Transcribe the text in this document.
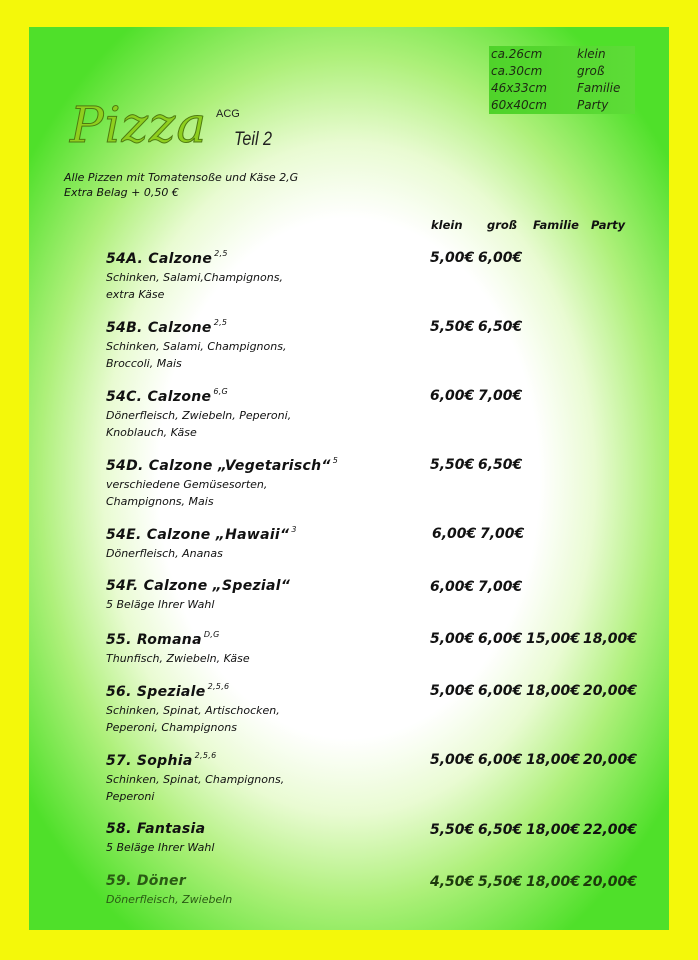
ca.26cm	klein
ca.30cm	groß
46x33cm	Familie
60x40cm	Party
Pizza ACG
Teil 2
Alle Pizzen mit Tomatensoße und Käse 2,G
Extra Belag + 0,50 €
klein groß Familie Party
54A. Calzone $^{2,5}$
Schinken, Salami,Champignons,
extra Käse
5,00€ 6,00€
54B. Calzone $^{2,5}$
Schinken, Salami, Champignons,
Broccoli, Mais
5,50€ 6,50€
54C. Calzone $^{6,G}$
Dönerfleisch, Zwiebeln, Peperoni,
Knoblauch, Käse
6,00€ 7,00€
54D. Calzone „Vegetarisch“ $^5$
verschiedene Gemüsesorten,
Champignons, Mais
5,50€ 6,50€
54E. Calzone „Hawaii“ $^3$
Dönerfleisch, Ananas
6,00€ 7,00€
54F. Calzone „Spezial“
5 Beläge Ihrer Wahl
6,00€ 7,00€
55. Romana $^{D,G}$
Thunfisch, Zwiebeln, Käse
5,00€ 6,00€ 15,00€ 18,00€
56. Speziale $^{2,5,6}$
Schinken, Spinat, Artischocken,
Peperoni, Champignons
5,00€ 6,00€ 18,00€ 20,00€
57. Sophia $^{2,5,6}$
Schinken, Spinat, Champignons,
Peperoni
5,00€ 6,00€ 18,00€ 20,00€
58. Fantasia
5 Beläge Ihrer Wahl
5,50€ 6,50€ 18,00€ 22,00€
59. Döner
Dönerfleisch, Zwiebeln
4,50€ 5,50€ 18,00€ 20,00€
